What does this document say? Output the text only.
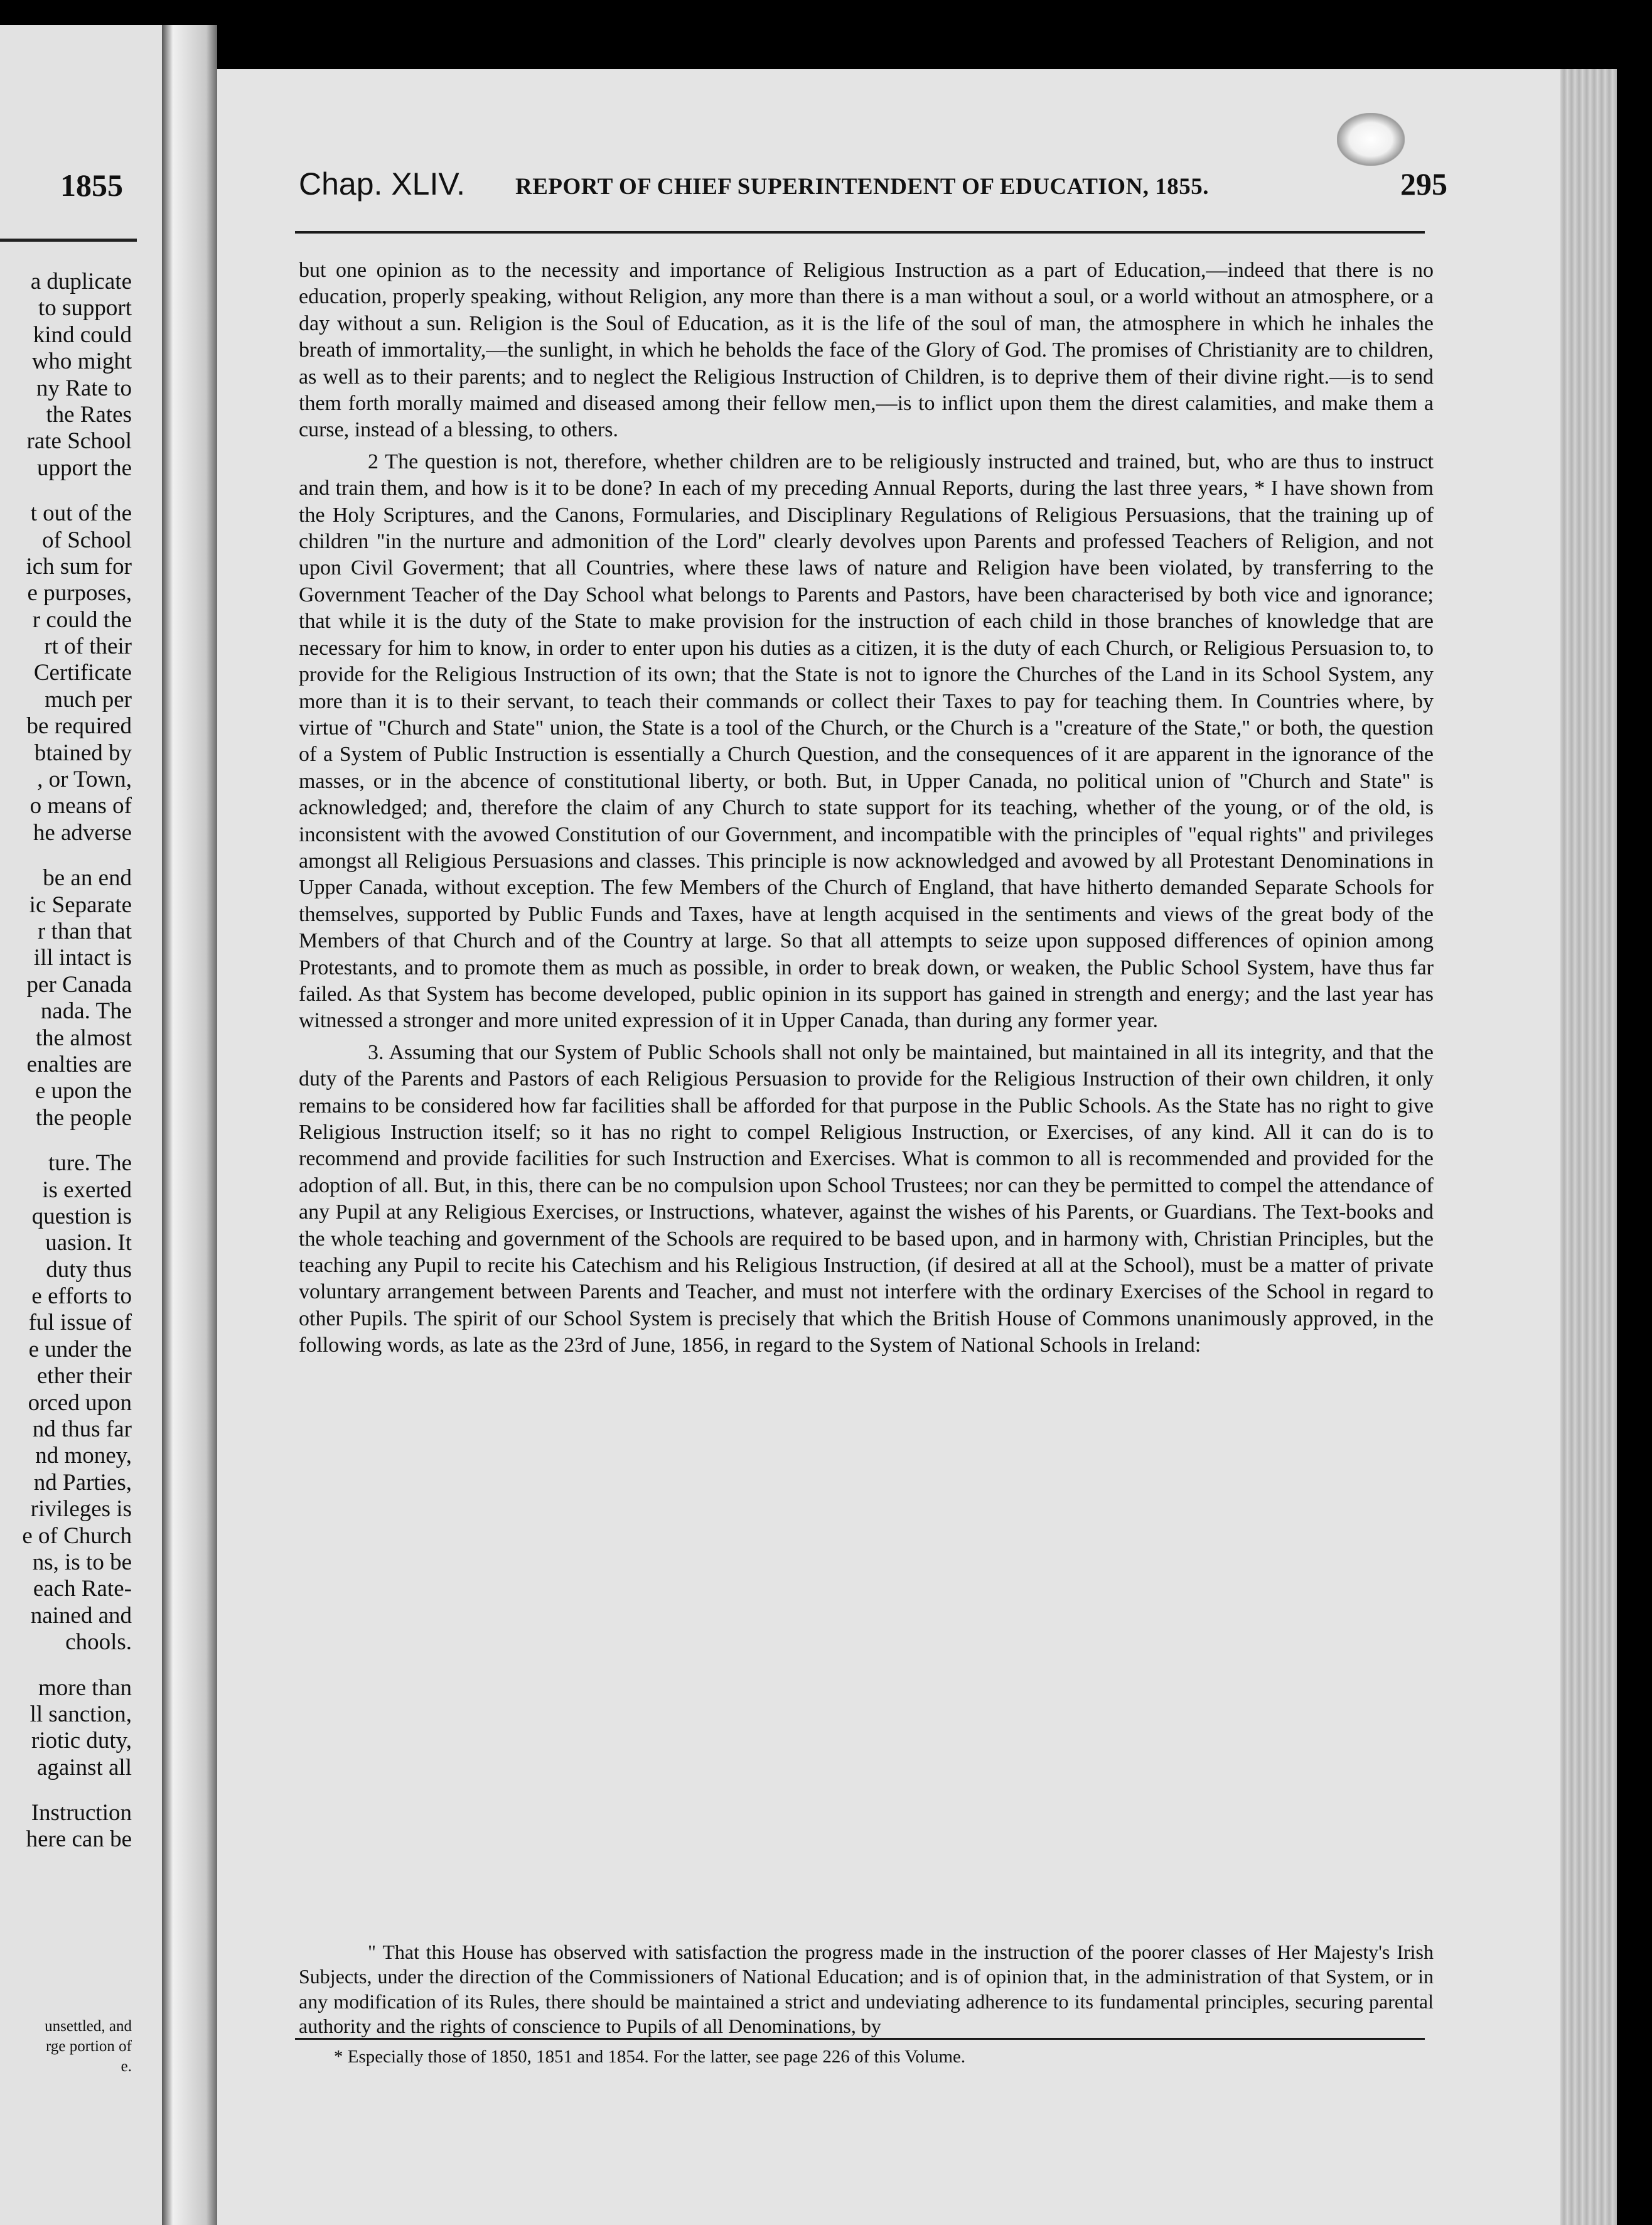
1855
a duplicate
to support
kind could
who might
ny Rate to
the Rates
rate School
upport the
t out of the
of School
ich sum for
e purposes,
r could the
rt of their
Certificate
much per
be required
btained by
, or Town,
o means of
he adverse
be an end
ic Separate
r than that
ill intact is
per Canada
nada. The
the almost
enalties are
e upon the
the people
ture. The
is exerted
question is
uasion. It
duty thus
e efforts to
ful issue of
e under the
ether their
orced upon
nd thus far
nd money,
nd Parties,
rivileges is
e of Church
ns, is to be
each Rate-
nained and
chools.
more than
ll sanction,
riotic duty,
against all
Instruction
here can be
unsettled, and
rge portion of
e.
Chap. XLIV. REPORT OF CHIEF SUPERINTENDENT OF EDUCATION, 1855.	295

but one opinion as to the necessity and importance of Religious Instruction as a part of Education,—indeed that there is no education, properly speaking, without Religion, any more than there is a man without a soul, or a world without an atmosphere, or a day without a sun. Religion is the Soul of Education, as it is the life of the soul of man, the atmosphere in which he inhales the breath of immortality,—the sunlight, in which he beholds the face of the Glory of God. The promises of Christianity are to children, as well as to their parents; and to neglect the Religious Instruction of Children, is to deprive them of their divine right.—is to send them forth morally maimed and diseased among their fellow men,—is to inflict upon them the direst calamities, and make them a curse, instead of a blessing, to others.

2 The question is not, therefore, whether children are to be religiously instructed and trained, but, who are thus to instruct and train them, and how is it to be done? In each of my preceding Annual Reports, during the last three years, * I have shown from the Holy Scriptures, and the Canons, Formularies, and Disciplinary Regulations of Religious Persuasions, that the training up of children "in the nurture and admonition of the Lord" clearly devolves upon Parents and professed Teachers of Religion, and not upon Civil Goverment; that all Countries, where these laws of nature and Religion have been violated, by transferring to the Government Teacher of the Day School what belongs to Parents and Pastors, have been characterised by both vice and ignorance; that while it is the duty of the State to make provision for the instruction of each child in those branches of knowledge that are necessary for him to know, in order to enter upon his duties as a citizen, it is the duty of each Church, or Religious Persuasion to, to provide for the Religious Instruction of its own; that the State is not to ignore the Churches of the Land in its School System, any more than it is to their servant, to teach their commands or collect their Taxes to pay for teaching them. In Countries where, by virtue of "Church and State" union, the State is a tool of the Church, or the Church is a "creature of the State," or both, the question of a System of Public Instruction is essentially a Church Question, and the consequences of it are apparent in the ignorance of the masses, or in the abcence of constitutional liberty, or both. But, in Upper Canada, no political union of "Church and State" is acknowledged; and, therefore the claim of any Church to state support for its teaching, whether of the young, or of the old, is inconsistent with the avowed Constitution of our Government, and incompatible with the principles of "equal rights" and privileges amongst all Religious Persuasions and classes. This principle is now acknowledged and avowed by all Protestant Denominations in Upper Canada, without exception. The few Members of the Church of England, that have hitherto demanded Separate Schools for themselves, supported by Public Funds and Taxes, have at length acquised in the sentiments and views of the great body of the Members of that Church and of the Country at large. So that all attempts to seize upon supposed differences of opinion among Protestants, and to promote them as much as possible, in order to break down, or weaken, the Public School System, have thus far failed. As that System has become developed, public opinion in its support has gained in strength and energy; and the last year has witnessed a stronger and more united expression of it in Upper Canada, than during any former year.

3. Assuming that our System of Public Schools shall not only be maintained, but maintained in all its integrity, and that the duty of the Parents and Pastors of each Religious Persuasion to provide for the Religious Instruction of their own children, it only remains to be considered how far facilities shall be afforded for that purpose in the Public Schools. As the State has no right to give Religious Instruction itself; so it has no right to compel Religious Instruction, or Exercises, of any kind. All it can do is to recommend and provide facilities for such Instruction and Exercises. What is common to all is recommended and provided for the adoption of all. But, in this, there can be no compulsion upon School Trustees; nor can they be permitted to compel the attendance of any Pupil at any Religious Exercises, or Instructions, whatever, against the wishes of his Parents, or Guardians. The Text-books and the whole teaching and government of the Schools are required to be based upon, and in harmony with, Christian Principles, but the teaching any Pupil to recite his Catechism and his Religious Instruction, (if desired at all at the School), must be a matter of private voluntary arrangement between Parents and Teacher, and must not interfere with the ordinary Exercises of the School in regard to other Pupils. The spirit of our School System is precisely that which the British House of Commons unanimously approved, in the following words, as late as the 23rd of June, 1856, in regard to the System of National Schools in Ireland:

" That this House has observed with satisfaction the progress made in the instruction of the poorer classes of Her Majesty's Irish Subjects, under the direction of the Commissioners of National Education; and is of opinion that, in the administration of that System, or in any modification of its Rules, there should be maintained a strict and undeviating adherence to its fundamental principles, securing parental authority and the rights of conscience to Pupils of all Denominations, by
* Especially those of 1850, 1851 and 1854. For the latter, see page 226 of this Volume.
